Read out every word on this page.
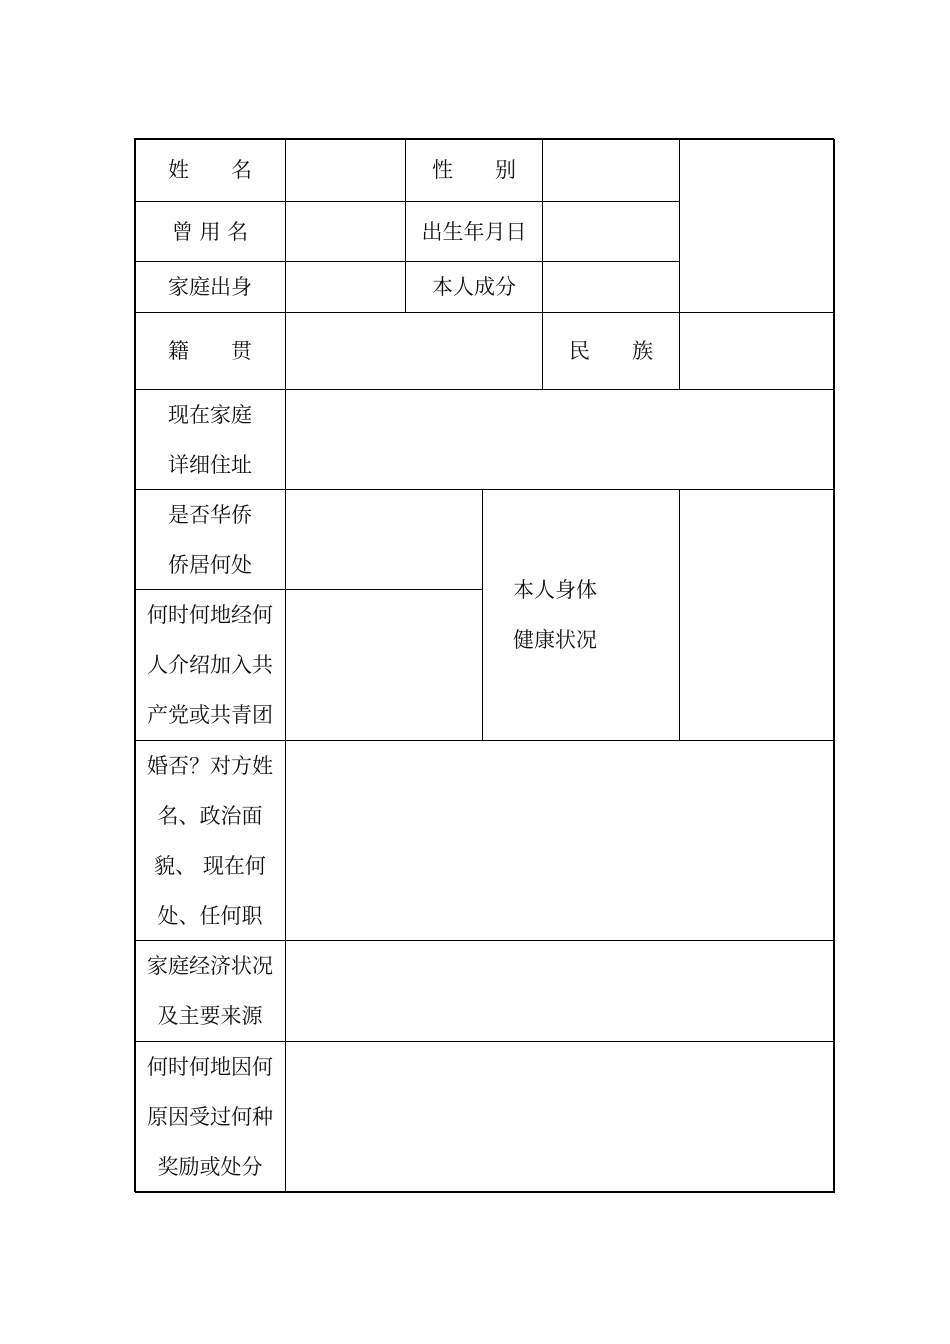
姓　　名	性　　别
曾 用 名	出生年月日
家庭出身	本人成分
籍　　贯	民　　族
现在家庭
详细住址
是否华侨
侨居何处
本人身体
健康状况
何时何地经何
人介绍加入共
产党或共青团
婚否？对方姓
名、政治面
貌、 现在何
处、任何职
家庭经济状况
及主要来源
何时何地因何
原因受过何种
奖励或处分
